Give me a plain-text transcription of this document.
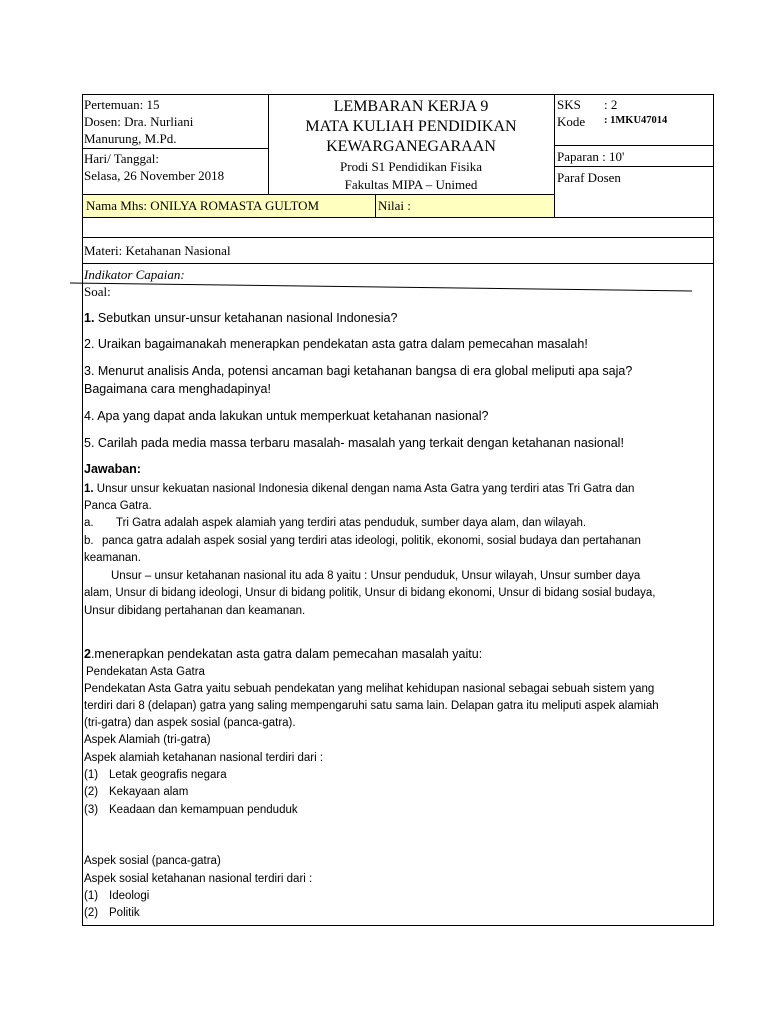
Pertemuan: 15
Dosen: Dra. Nurliani
Manurung, M.Pd.
Hari/ Tanggal:
Selasa, 26 November 2018
LEMBARAN KERJA 9
MATA KULIAH PENDIDIKAN
KEWARGANEGARAAN
Prodi S1 Pendidikan Fisika
Fakultas MIPA – Unimed
SKS : 2
Kode : 1MKU47014
Paparan : 10'
Paraf Dosen
Nama Mhs: ONILYA ROMASTA GULTOM	Nilai :
Materi: Ketahanan Nasional
Indikator Capaian:
Soal:
1. Sebutkan unsur-unsur ketahanan nasional Indonesia?
2. Uraikan bagaimanakah menerapkan pendekatan asta gatra dalam pemecahan masalah!
3. Menurut analisis Anda, potensi ancaman bagi ketahanan bangsa di era global meliputi apa saja?
Bagaimana cara menghadapinya!
4. Apa yang dapat anda lakukan untuk memperkuat ketahanan nasional?
5. Carilah pada media massa terbaru masalah- masalah yang terkait dengan ketahanan nasional!
Jawaban:
1. Unsur unsur kekuatan nasional Indonesia dikenal dengan nama Asta Gatra yang terdiri atas Tri Gatra dan
Panca Gatra.
a. Tri Gatra adalah aspek alamiah yang terdiri atas penduduk, sumber daya alam, dan wilayah.
b. panca gatra adalah aspek sosial yang terdiri atas ideologi, politik, ekonomi, sosial budaya dan pertahanan
keamanan.
Unsur – unsur ketahanan nasional itu ada 8 yaitu : Unsur penduduk, Unsur wilayah, Unsur sumber daya
alam, Unsur di bidang ideologi, Unsur di bidang politik, Unsur di bidang ekonomi, Unsur di bidang sosial budaya,
Unsur dibidang pertahanan dan keamanan.
2.menerapkan pendekatan asta gatra dalam pemecahan masalah yaitu:
Pendekatan Asta Gatra
Pendekatan Asta Gatra yaitu sebuah pendekatan yang melihat kehidupan nasional sebagai sebuah sistem yang
terdiri dari 8 (delapan) gatra yang saling mempengaruhi satu sama lain. Delapan gatra itu meliputi aspek alamiah
(tri-gatra) dan aspek sosial (panca-gatra).
Aspek Alamiah (tri-gatra)
Aspek alamiah ketahanan nasional terdiri dari :
(1) Letak geografis negara
(2) Kekayaan alam
(3) Keadaan dan kemampuan penduduk
Aspek sosial (panca-gatra)
Aspek sosial ketahanan nasional terdiri dari :
(1) Ideologi
(2) Politik
